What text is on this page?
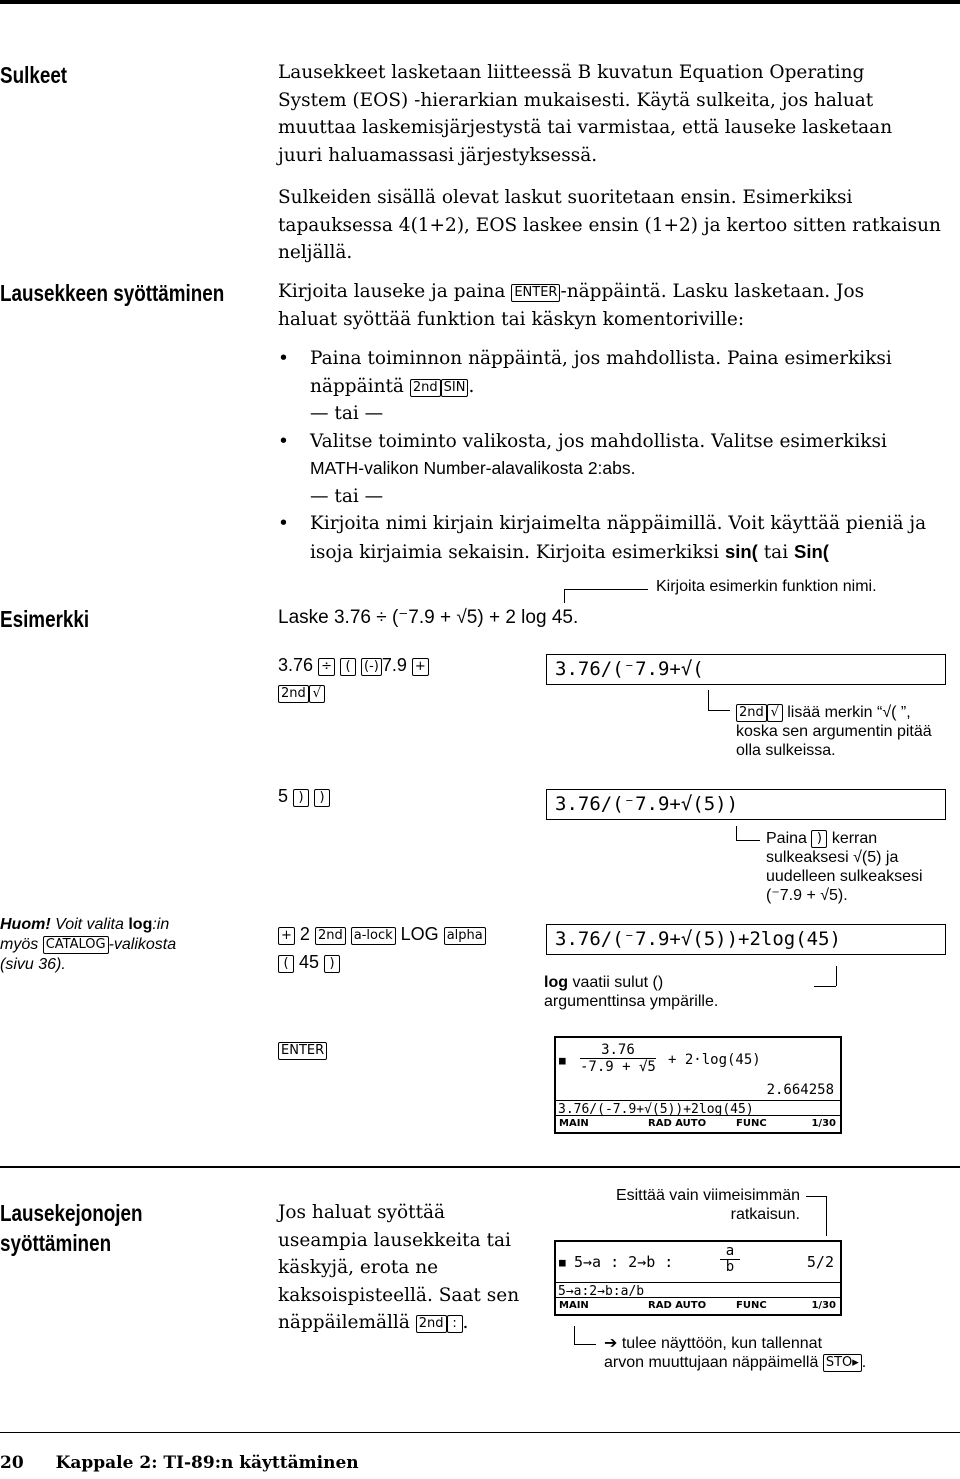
Sulkeet	Lausekkeet lasketaan liitteessä B kuvatun Equation Operating
System (EOS) -hierarkian mukaisesti. Käytä sulkeita, jos haluat
muuttaa laskemisjärjestystä tai varmistaa, että lauseke lasketaan
juuri haluamassasi järjestyksessä.
Sulkeiden sisällä olevat laskut suoritetaan ensin. Esimerkiksi
tapauksessa 4(1+2), EOS laskee ensin (1+2) ja kertoo sitten ratkaisun
neljällä.
Lausekkeen syöttäminen	Kirjoita lauseke ja paina ENTER -näppäintä. Lasku lasketaan. Jos
haluat syöttää funktion tai käskyn komentoriville:
• Paina toiminnon näppäintä, jos mahdollista. Paina esimerkiksi
näppäintä 2nd SIN .
— tai —
• Valitse toiminto valikosta, jos mahdollista. Valitse esimerkiksi
MATH-valikon Number-alavalikosta 2:abs.
— tai —
• Kirjoita nimi kirjain kirjaimelta näppäimillä. Voit käyttää pieniä ja
isoja kirjaimia sekaisin. Kirjoita esimerkiksi sin( tai Sin(
Esimerkki
Kirjoita esimerkin funktion nimi.
Laske 3.76 ÷ (⁻7.9 + √5) + 2 log 45.
3.76 ÷ ( (-) 7.9 +
2nd √
3.76/(⁻7.9+√(
2nd √ lisää merkin “√( ”,
koska sen argumentin pitää
olla sulkeissa.
5 ) )	3.76/(⁻7.9+√(5))
Paina ) kerran
sulkeaksesi √(5) ja
uudelleen sulkeaksesi
(⁻7.9 + √5).
+ 2 2nd a-lock LOG alpha
( 45 )
3.76/(⁻7.9+√(5))+2log(45)
log vaatii sulut ()
argumenttinsa ympärille.
Huom! Voit valita log:in
myös CATALOG -valikosta
(sivu 36).
ENTER
■
3.76
-7.9 + √5 + 2·log(45)
2.664258
3.76/(-7.9+√(5))+2log(45)
MAIN	RAD AUTO	FUNC	1/30
Lausekejonojen
syöttäminen
Jos haluat syöttää
useampia lausekkeita tai
käskyjä, erota ne
kaksoispisteellä. Saat sen
näppäilemällä 2nd : .
Esittää vain viimeisimmän
ratkaisun.
■ 5→a : 2→b :
a
b	5/2
5→a:2→b:a/b
MAIN	RAD AUTO	FUNC	1/30
➔ tulee näyttöön, kun tallennat
arvon muuttujaan näppäimellä STO▸ .
20 Kappale 2: TI-89:n käyttäminen
